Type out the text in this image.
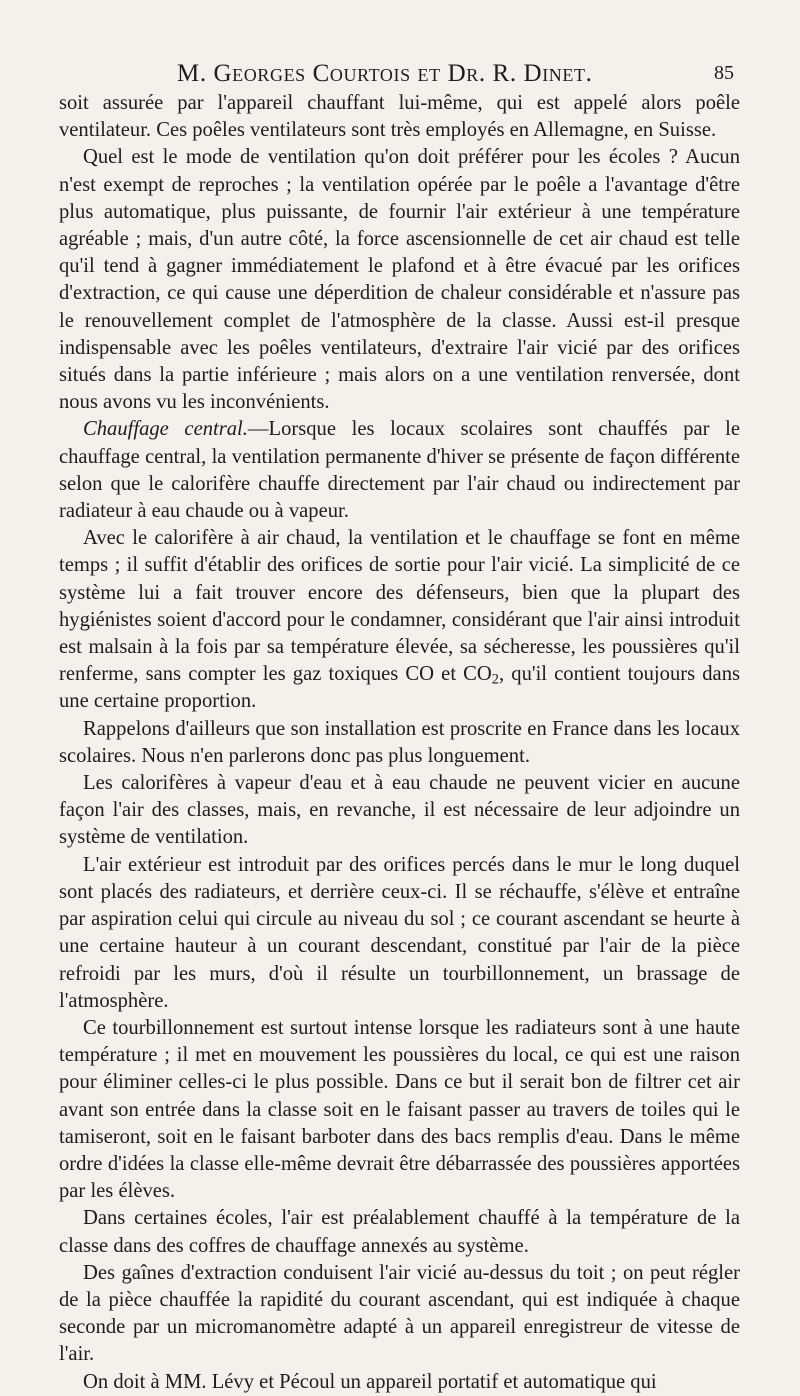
M. Georges Courtois et Dr. R. Dinet.	85

soit assurée par l'appareil chauffant lui-même, qui est appelé alors poêle ventilateur. Ces poêles ventilateurs sont très employés en Allemagne, en Suisse.

Quel est le mode de ventilation qu'on doit préférer pour les écoles ? Aucun n'est exempt de reproches ; la ventilation opérée par le poêle a l'avantage d'être plus automatique, plus puissante, de fournir l'air extérieur à une température agréable ; mais, d'un autre côté, la force ascensionnelle de cet air chaud est telle qu'il tend à gagner immédiatement le plafond et à être évacué par les orifices d'extraction, ce qui cause une déperdition de chaleur considérable et n'assure pas le renouvellement complet de l'atmosphère de la classe. Aussi est-il presque indispensable avec les poêles ventilateurs, d'extraire l'air vicié par des orifices situés dans la partie inférieure ; mais alors on a une ventilation renversée, dont nous avons vu les inconvénients.

Chauffage central.—Lorsque les locaux scolaires sont chauffés par le chauffage central, la ventilation permanente d'hiver se présente de façon différente selon que le calorifère chauffe directement par l'air chaud ou indirectement par radiateur à eau chaude ou à vapeur.

Avec le calorifère à air chaud, la ventilation et le chauffage se font en même temps ; il suffit d'établir des orifices de sortie pour l'air vicié. La simplicité de ce système lui a fait trouver encore des défenseurs, bien que la plupart des hygiénistes soient d'accord pour le condamner, considérant que l'air ainsi introduit est malsain à la fois par sa température élevée, sa sécheresse, les poussières qu'il renferme, sans compter les gaz toxiques CO et $CO_2$, qu'il contient toujours dans une certaine proportion.

Rappelons d'ailleurs que son installation est proscrite en France dans les locaux scolaires. Nous n'en parlerons donc pas plus longuement.

Les calorifères à vapeur d'eau et à eau chaude ne peuvent vicier en aucune façon l'air des classes, mais, en revanche, il est nécessaire de leur adjoindre un système de ventilation.

L'air extérieur est introduit par des orifices percés dans le mur le long duquel sont placés des radiateurs, et derrière ceux-ci. Il se réchauffe, s'élève et entraîne par aspiration celui qui circule au niveau du sol ; ce courant ascendant se heurte à une certaine hauteur à un courant descendant, constitué par l'air de la pièce refroidi par les murs, d'où il résulte un tourbillonnement, un brassage de l'atmosphère.

Ce tourbillonnement est surtout intense lorsque les radiateurs sont à une haute température ; il met en mouvement les poussières du local, ce qui est une raison pour éliminer celles-ci le plus possible. Dans ce but il serait bon de filtrer cet air avant son entrée dans la classe soit en le faisant passer au travers de toiles qui le tamiseront, soit en le faisant barboter dans des bacs remplis d'eau. Dans le même ordre d'idées la classe elle-même devrait être débarrassée des poussières apportées par les élèves.

Dans certaines écoles, l'air est préalablement chauffé à la température de la classe dans des coffres de chauffage annexés au système.

Des gaînes d'extraction conduisent l'air vicié au-dessus du toit ; on peut régler de la pièce chauffée la rapidité du courant ascendant, qui est indiquée à chaque seconde par un micromanomètre adapté à un appareil enregistreur de vitesse de l'air.

On doit à MM. Lévy et Pécoul un appareil portatif et automatique qui
